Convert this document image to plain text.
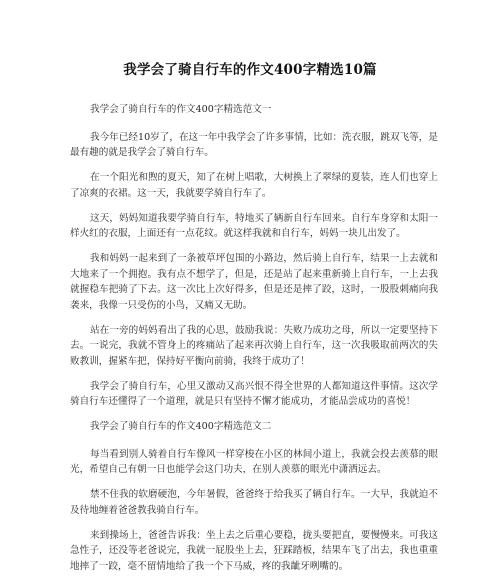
我学会了骑自行车的作文400字精选10篇

我学会了骑自行车的作文400字精选范文一

我今年已经10岁了，在这一年中我学会了许多事情，比如：洗衣服，跳双飞等，是最有趣的就是我学会了骑自行车。

在一个阳光和煦的夏天，知了在树上唱歌，大树换上了翠绿的夏装，连人们也穿上了凉爽的衣裙。这一天，我就要学骑自行车了。

这天，妈妈知道我要学骑自行车，特地买了辆新自行车回来。自行车身穿和太阳一样火红的衣服，上面还有一点花纹。就这样我就和自行车，妈妈一块儿出发了。

我和妈妈一起来到了一条被草坪包围的小路边，然后骑上自行车，结果一上去就和大地来了一个拥抱。我有点不想学了，但是，还是站了起来重新骑上自行车，一上去我就握稳车把骑了下去。这一次比上次好得多，但是还是摔了跤，这时，一股股刺痛向我袭来，我像一只受伤的小鸟，又痛又无助。

站在一旁的妈妈看出了我的心思，鼓励我说：失败乃成功之母，所以一定要坚持下去。一说完，我就不管身上的疼痛站了起来再次骑上自行车，这一次我吸取前两次的失败教训，握紧车把，保持好平衡向前骑，我终于成功了！

我学会了骑自行车，心里又激动又高兴恨不得全世界的人都知道这件事情。这次学骑自行车还懂得了一个道理，就是只有坚持不懈才能成功，才能品尝成功的喜悦！

我学会了骑自行车的作文400字精选范文二

每当看到别人骑着自行车像风一样穿梭在小区的林间小道上，我就会投去羡慕的眼光，希望自己有朝一日也能学会这门功夫，在别人羡慕的眼光中潇洒远去。

禁不住我的软磨硬泡，今年暑假，爸爸终于给我买了辆自行车。一大早，我就迫不及待地缠着爸爸教我骑自行车。

来到操场上，爸爸告诉我：坐上去之后重心要稳，拢头要把直，要慢慢来。可我这急性子，还没等老爸说完，我就一屁股坐上去，狂踩踏板，结果车飞了出去，我也重重地摔了一跤，毫不留情地给了我一个下马威，疼的我龇牙咧嘴的。
